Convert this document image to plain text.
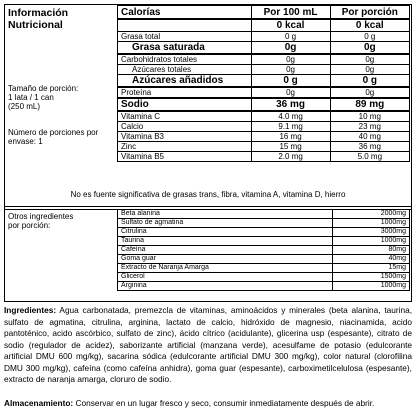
Información
Nutricional
Tamaño de porción:
1 lata / 1 can
(250 mL)
Número de porciones por
envase: 1
Otros ingredientes
por porción:
Calorías	Por 100 mL	Por porción
	0 kcal	0 kcal
Grasa total	0 g	0 g
Grasa saturada	0g	0g
Carbohidratos totales	0g	0g
Azúcares totales	0g	0g
Azúcares añadidos	0 g	0 g
Proteína	0g	0g
Sodio	36 mg	89 mg
Vitamina C	4.0 mg	10 mg
Calcio	9.1 mg	23 mg
Vitamina B3	16 mg	40 mg
Zinc	15 mg	36 mg
Vitamina B5	2.0 mg	5.0 mg
No es fuente significativa de grasas trans, fibra, vitamina A, vitamina D, hierro
Beta alanina	2000mg
Sulfato de agmatina	1000mg
Citrulina	3000mg
Taurina	1000mg
Cafeína	80mg
Goma guar	40mg
Extracto de Naranja Amarga	15mg
Glicerol	1500mg
Arginina	1000mg
Ingredientes: Agua carbonatada, premezcla de vitaminas, aminoácidos y minerales (beta alanina, taurina, sulfato de agmatina, citrulina, arginina, lactato de calcio, hidróxido de magnesio, niacinamida, acido pantoténico, acido ascórbico, sulfato de zinc), ácido cítrico (acidulante), glicerina usp (espesante), citrato de sodio (regulador de acidez), saborizante artificial (manzana verde), acesulfame de potasio (edulcorante artificial DMU 600 mg/kg), sacarina sódica (edulcorante artificial DMU 300 mg/kg), color natural (clorofilina DMU 300 mg/kg), cafeína (como cafeína anhidra), goma guar (espesante), carboximetilcelulosa (espesante), extracto de naranja amarga, cloruro de sodio.
Almacenamiento: Conservar en un lugar fresco y seco, consumir inmediatamente después de abrir.
